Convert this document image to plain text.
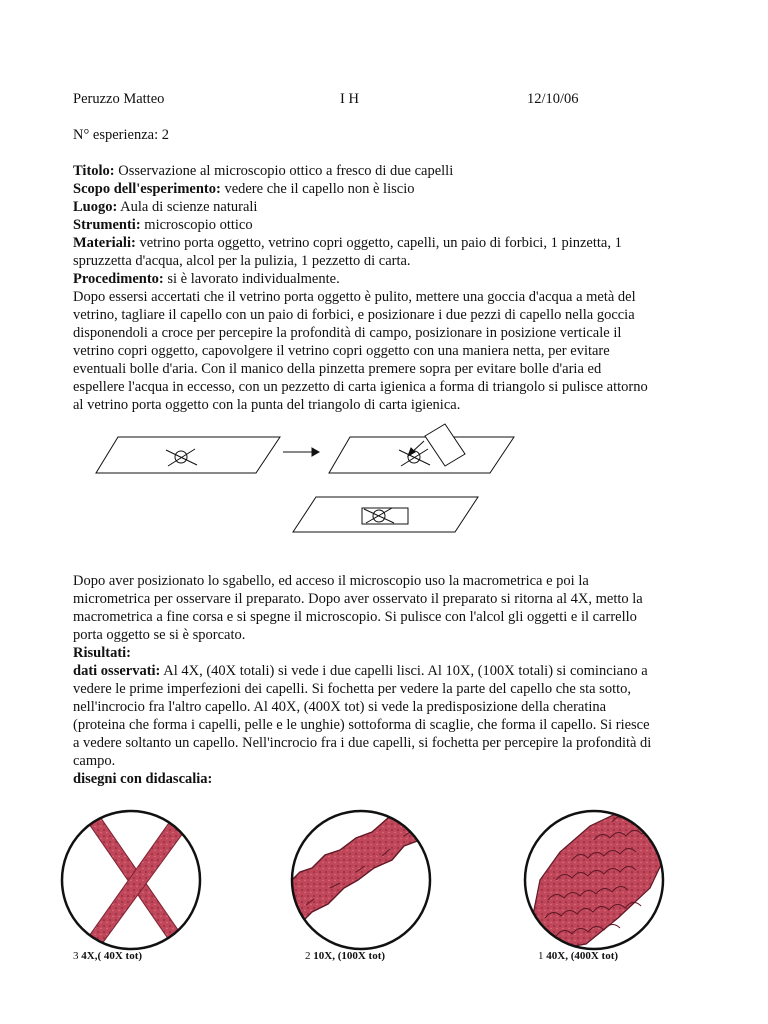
Peruzzo Matteo	I H	12/10/06
N° esperienza: 2
Titolo: Osservazione al microscopio ottico a fresco di due capelli
Scopo dell'esperimento: vedere che il capello non è liscio
Luogo: Aula di scienze naturali
Strumenti: microscopio ottico
Materiali: vetrino porta oggetto, vetrino copri oggetto, capelli, un paio di forbici, 1 pinzetta, 1
spruzzetta d'acqua, alcol per la pulizia, 1 pezzetto di carta.
Procedimento: si è lavorato individualmente.

Dopo essersi accertati che il vetrino porta oggetto è pulito, mettere una goccia d'acqua a metà del

vetrino, tagliare il capello con un paio di forbici, e posizionare i due pezzi di capello nella goccia

disponendoli a croce per percepire la profondità di campo, posizionare in posizione verticale il

vetrino copri oggetto, capovolgere il vetrino copri oggetto con una maniera netta, per evitare

eventuali bolle d'aria. Con il manico della pinzetta premere sopra per evitare bolle d'aria ed

espellere l'acqua in eccesso, con un pezzetto di carta igienica a forma di triangolo si pulisce attorno

al vetrino porta oggetto con la punta del triangolo di carta igienica.

Dopo aver posizionato lo sgabello, ed acceso il microscopio uso la macrometrica e poi la

micrometrica per osservare il preparato. Dopo aver osservato il preparato si ritorna al 4X, metto la

macrometrica a fine corsa e si spegne il microscopio. Si pulisce con l'alcol gli oggetti e il carrello

porta oggetto se si è sporcato.

Risultati:

dati osservati: Al 4X, (40X totali) si vede i due capelli lisci. Al 10X, (100X totali) si cominciano a

vedere le prime imperfezioni dei capelli. Si fochetta per vedere la parte del capello che sta sotto,

nell'incrocio fra l'altro capello. Al 40X, (400X tot) si vede la predisposizione della cheratina

(proteina che forma i capelli, pelle e le unghie) sottoforma di scaglie, che forma il capello. Si riesce

a vedere soltanto un capello. Nell'incrocio fra i due capelli, si fochetta per percepire la profondità di

campo.

disegni con didascalia:
3 4X,( 40X tot)	2 10X, (100X tot)	1 40X, (400X tot)
